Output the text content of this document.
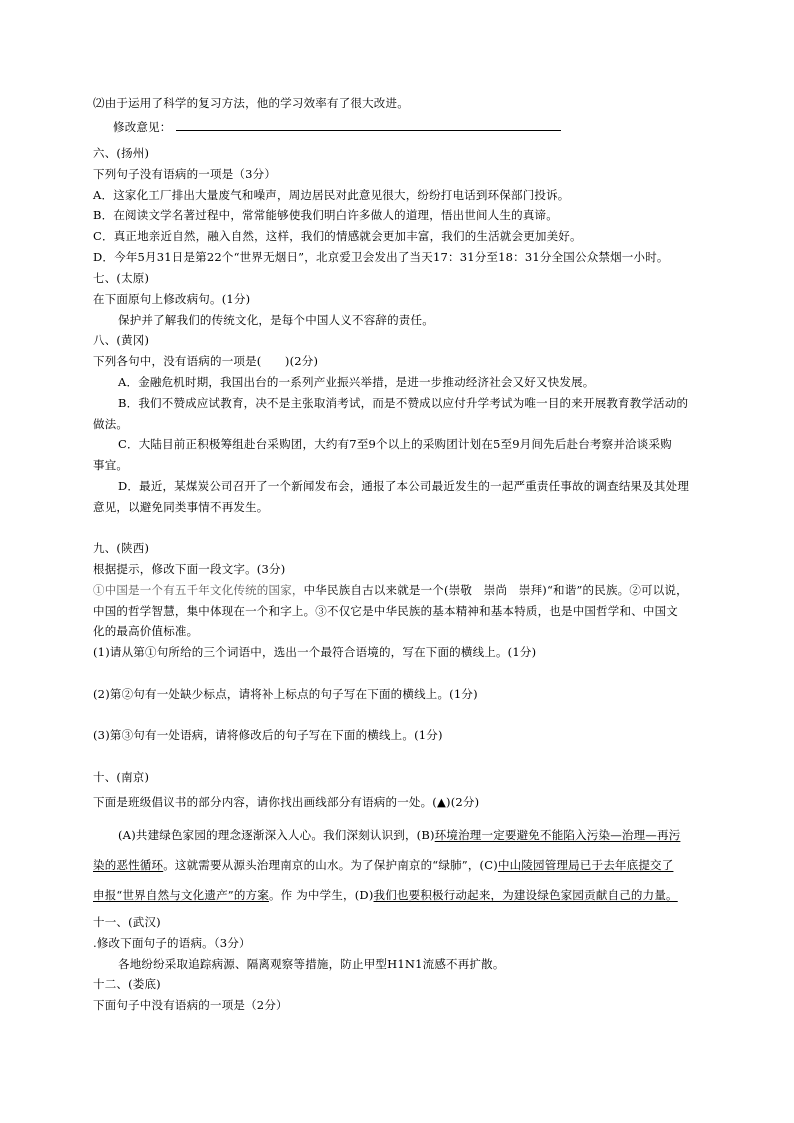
⑵由于运用了科学的复习方法，他的学习效率有了很大改进。
修改意见：
六、(扬州)
下列句子没有语病的一项是（3分）
A．这家化工厂排出大量废气和噪声，周边居民对此意见很大，纷纷打电话到环保部门投诉。
B．在阅读文学名著过程中，常常能够使我们明白许多做人的道理，悟出世间人生的真谛。
C．真正地亲近自然，融入自然，这样，我们的情感就会更加丰富，我们的生活就会更加美好。
D．今年5月31日是第22个“世界无烟日”，北京爱卫会发出了当天17：31分至18：31分全国公众禁烟一小时。
七、(太原)
在下面原句上修改病句。(1分)
保护并了解我们的传统文化，是每个中国人义不容辞的责任。
八、(黄冈)
下列各句中，没有语病的一项是(　　)(2分)
A．金融危机时期，我国出台的一系列产业振兴举措，是进一步推动经济社会又好又快发展。
B．我们不赞成应试教育，决不是主张取消考试，而是不赞成以应付升学考试为唯一目的来开展教育教学活动的
做法。
C．大陆目前正积极筹组赴台采购团，大约有7至9个以上的采购团计划在5至9月间先后赴台考察并洽谈采购
事宜。
D．最近，某煤炭公司召开了一个新闻发布会，通报了本公司最近发生的一起严重责任事故的调查结果及其处理
意见，以避免同类事情不再发生。
九、(陕西)
根据提示，修改下面一段文字。(3分)
①中国是一个有五千年文化传统的国家，中华民族自古以来就是一个(崇敬　崇尚　崇拜)“和谐”的民族。②可以说，
中国的哲学智慧，集中体现在一个和字上。③不仅它是中华民族的基本精神和基本特质，也是中国哲学和、中国文
化的最高价值标准。
(1)请从第①句所给的三个词语中，选出一个最符合语境的，写在下面的横线上。(1分)
(2)第②句有一处缺少标点，请将补上标点的句子写在下面的横线上。(1分)
(3)第③句有一处语病，请将修改后的句子写在下面的横线上。(1分)
十、(南京)
下面是班级倡议书的部分内容，请你找出画线部分有语病的一处。(▲)(2分)
(A)共建绿色家园的理念逐渐深入人心。我们深刻认识到，(B)环境治理一定要避免不能陷入污染—治理—再污
染的恶性循环。这就需要从源头治理南京的山水。为了保护南京的“绿肺”，(C)中山陵园管理局已于去年底提交了
申报“世界自然与文化遗产”的方案。作 为中学生，(D)我们也要积极行动起来，为建设绿色家园贡献自己的力量。
十一、(武汉)
.修改下面句子的语病。（3分）
各地纷纷采取追踪病源、隔离观察等措施，防止甲型H1N1流感不再扩散。
十二、(娄底)
下面句子中没有语病的一项是（2分）
